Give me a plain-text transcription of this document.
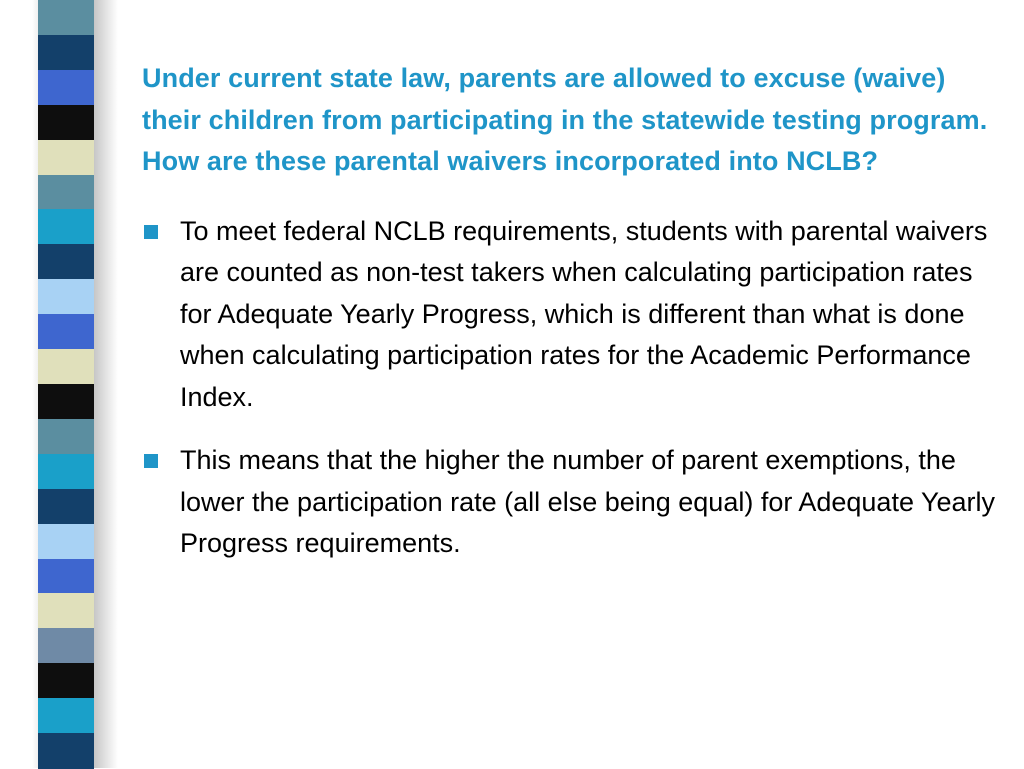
Under current state law, parents are allowed to excuse (waive) their children from participating in the statewide testing program. How are these parental waivers incorporated into NCLB?
To meet federal NCLB requirements, students with parental waivers are counted as non-test takers when calculating participation rates for Adequate Yearly Progress, which is different than what is done when calculating participation rates for the Academic Performance Index.
This means that the higher the number of parent exemptions, the lower the participation rate (all else being equal) for Adequate Yearly Progress requirements.
